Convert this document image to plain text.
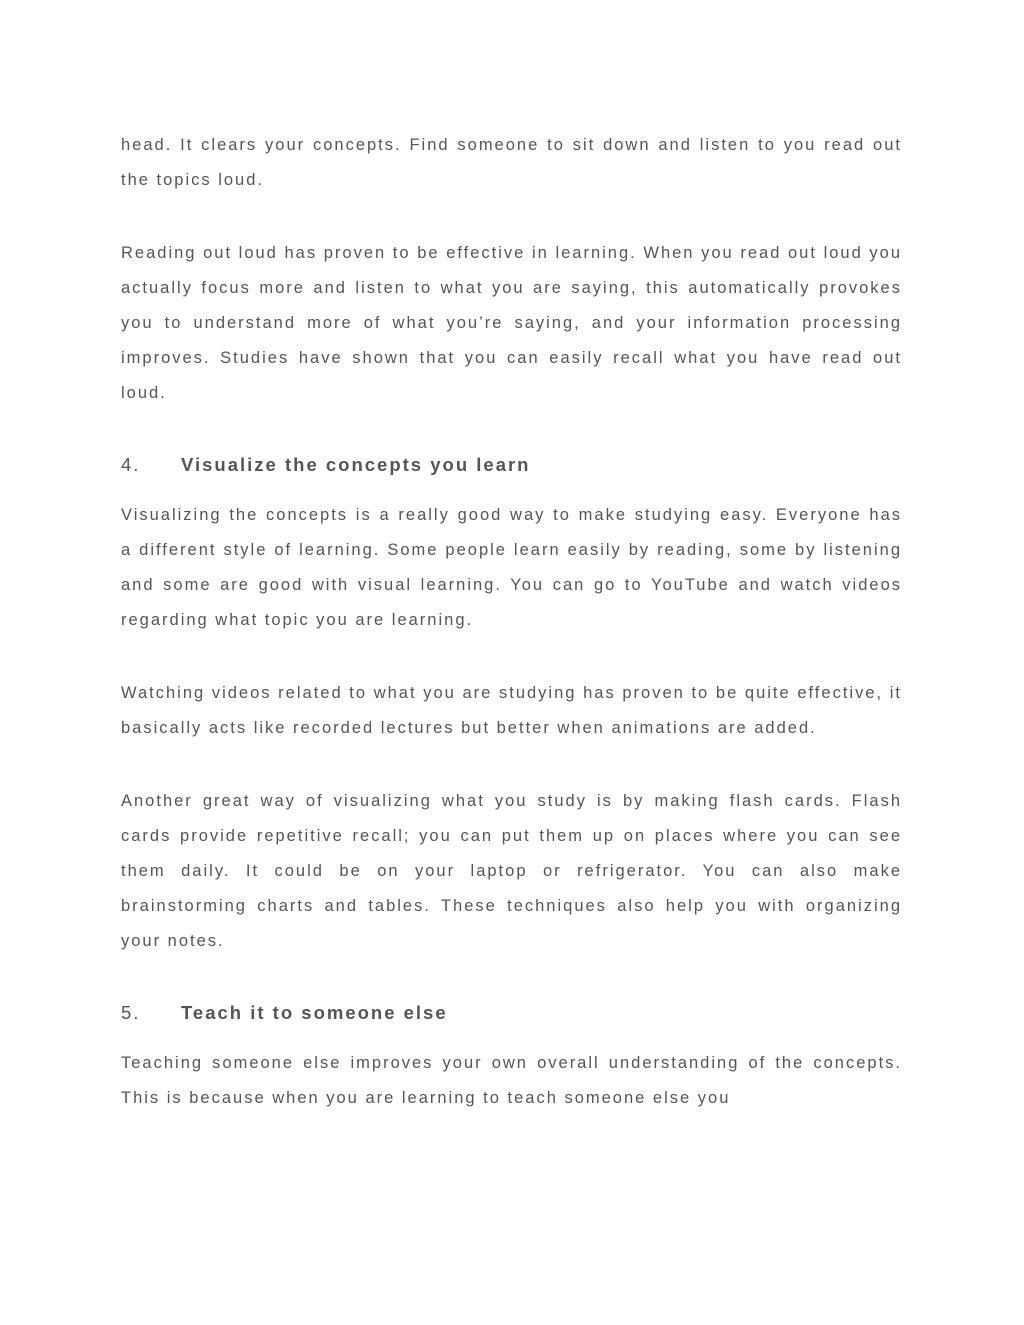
head. It clears your concepts. Find someone to sit down and listen to you read out the topics loud.

Reading out loud has proven to be effective in learning. When you read out loud you actually focus more and listen to what you are saying, this automatically provokes you to understand more of what you’re saying, and your information processing improves. Studies have shown that you can easily recall what you have read out loud.

4.	Visualize the concepts you learn

Visualizing the concepts is a really good way to make studying easy. Everyone has a different style of learning. Some people learn easily by reading, some by listening and some are good with visual learning. You can go to YouTube and watch videos regarding what topic you are learning.

Watching videos related to what you are studying has proven to be quite effective, it basically acts like recorded lectures but better when animations are added.

Another great way of visualizing what you study is by making flash cards. Flash cards provide repetitive recall; you can put them up on places where you can see them daily. It could be on your laptop or refrigerator. You can also make brainstorming charts and tables. These techniques also help you with organizing your notes.

5.	Teach it to someone else

Teaching someone else improves your own overall understanding of the concepts. This is because when you are learning to teach someone else you
